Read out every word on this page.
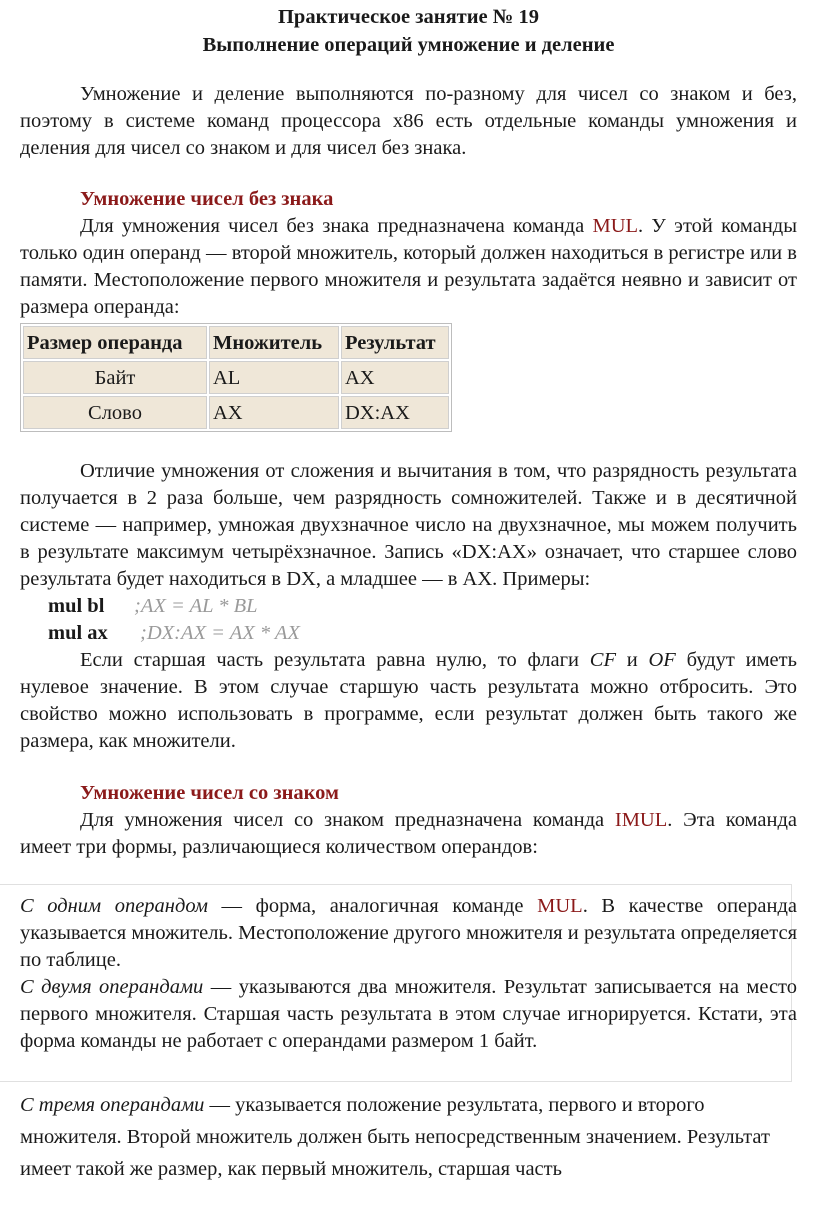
Практическое занятие № 19
Выполнение операций умножение и деление

Умножение и деление выполняются по-разному для чисел со знаком и без, поэтому в системе команд процессора x86 есть отдельные команды умножения и деления для чисел со знаком и для чисел без знака.

Умножение чисел без знака

Для умножения чисел без знака предназначена команда MUL. У этой команды только один операнд — второй множитель, который должен находиться в регистре или в памяти. Местоположение первого множителя и результата задаётся неявно и зависит от размера операнда:

Размер операнда	Множитель	Результат
Байт	AL	AX
Слово	AX	DX:AX

Отличие умножения от сложения и вычитания в том, что разрядность результата получается в 2 раза больше, чем разрядность сомножителей. Также и в десятичной системе — например, умножая двухзначное число на двухзначное, мы можем получить в результате максимум четырёхзначное. Запись «DX:AX» означает, что старшее слово результата будет находиться в DX, а младшее — в AX. Примеры:

mul bl ;AX = AL * BL
mul ax ;DX:AX = AX * AX

Если старшая часть результата равна нулю, то флаги CF и OF будут иметь нулевое значение. В этом случае старшую часть результата можно отбросить. Это свойство можно использовать в программе, если результат должен быть такого же размера, как множители.

Умножение чисел со знаком

Для умножения чисел со знаком предназначена команда IMUL. Эта команда имеет три формы, различающиеся количеством операндов:

С одним операндом — форма, аналогичная команде MUL. В качестве операнда указывается множитель. Местоположение другого множителя и результата определяется по таблице.

С двумя операндами — указываются два множителя. Результат записывается на место первого множителя. Старшая часть результата в этом случае игнорируется. Кстати, эта форма команды не работает с операндами размером 1 байт.

С тремя операндами — указывается положение результата, первого и второго множителя. Второй множитель должен быть непосредственным значением. Результат имеет такой же размер, как первый множитель, старшая часть
